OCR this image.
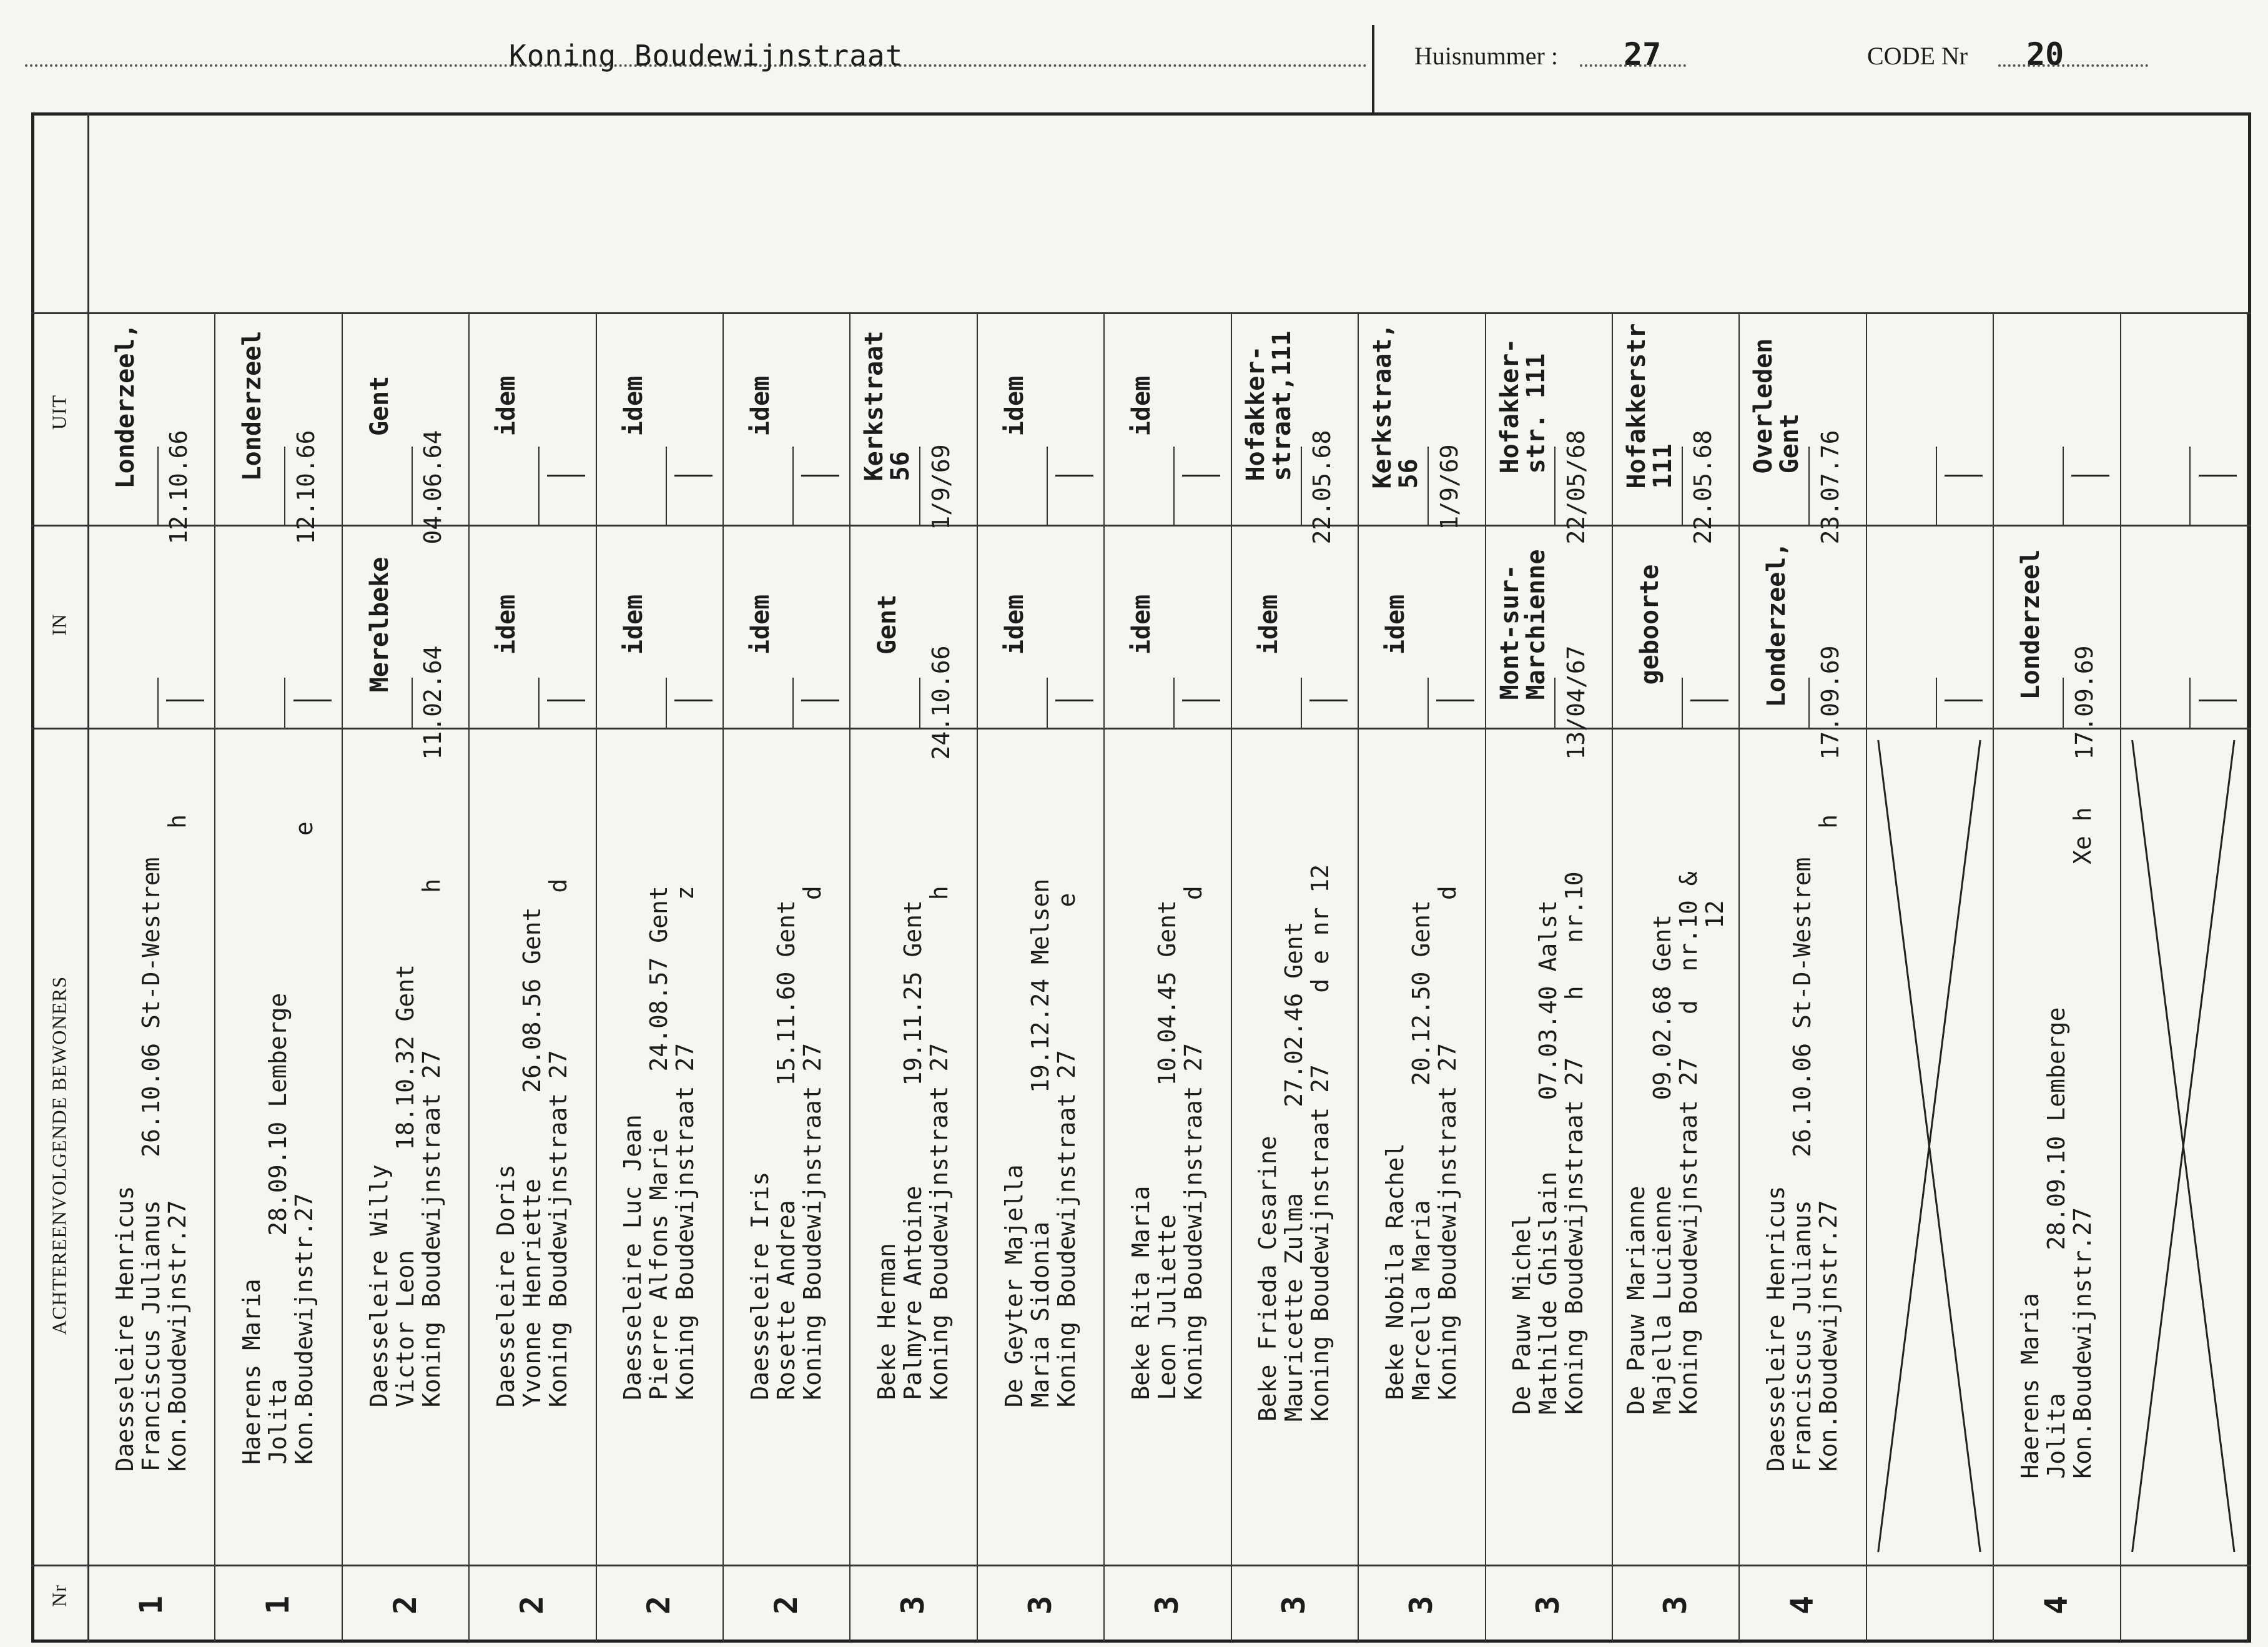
Koning Boudewijnstraat	Huisnummer : 27	CODE Nr 20
UIT
IN
ACHTEREENVOLGENDE BEWONERS
Nr
Londerzeel, 12.10.66
Daesseleire Henricus
Franciscus Julianus   26.10.06 St-D-Westrem
Kon.Boudewijnstr.27                          h
1
Londerzeel
12.10.66
Haerens Maria
Jolita          28.09.10 Lemberge
Kon.Boudewijnstr.27                         e
1
Gent
04.06.64
Merelbeke
11.02.64
Daesseleire Willy
Victor Leon       18.10.32 Gent
Koning Boudewijnstraat 27           h
2
idem
idem
Daesseleire Doris
Yvonne Henriette      26.08.56 Gent
Koning Boudewijnstraat 27           d
2
idem
idem
Daesseleire Luc Jean
Pierre Alfons Marie    24.08.57 Gent
Koning Boudewijnstraat 27          z
2
idem
idem
Daesseleire Iris
Rosette Andrea        15.11.60 Gent
Koning Boudewijnstraat 27          d
2
Kerkstraat
56 1/9/69
Gent
24.10.66
Beke Herman
Palmyre Antoine       19.11.25 Gent
Koning Boudewijnstraat 27          h
3
idem
idem
De Geyter Majella
Maria Sidonia         19.12.24 Melsen
Koning Boudewijnstraat 27          e
3
idem
idem
Beke Rita Maria
Leon Juliette         10.04.45 Gent
Koning Boudewijnstraat 27          d
3
Hofakker-
straat,111
22.05.68
idem
Beke Frieda Cesarine
Mauricette Zulma      27.02.46 Gent
Koning Boudewijnstraat 27     d e nr 12
3
Kerkstraat,
56 1/9/69
idem
Beke Nobila Rachel
Marcella Maria        20.12.50 Gent
Koning Boudewijnstraat 27          d
3
Hofakker-
str. 111
22/05/68
Mont-sur-
Marchienne
13/04/67
De Pauw Michel
Mathilde Ghislain     07.03.40 Aalst
Koning Boudewijnstraat 27    h   nr.10
3
Hofakkerstr
111 22.05.68
geboorte
De Pauw Marianne
Majella Lucienne      09.02.68 Gent
Koning Boudewijnstraat 27   d  nr.10 &
12
3
Overleden
Gent 23.07.76
Londerzeel, 17.09.69
Daesseleire Henricus
Franciscus Julianus   26.10.06 St-D-Westrem
Kon.Boudewijnstr.27                          h
4
Londerzeel
17.09.69
Haerens Maria
Jolita          28.09.10 Lemberge
Kon.Boudewijnstr.27                        Xe h
4
